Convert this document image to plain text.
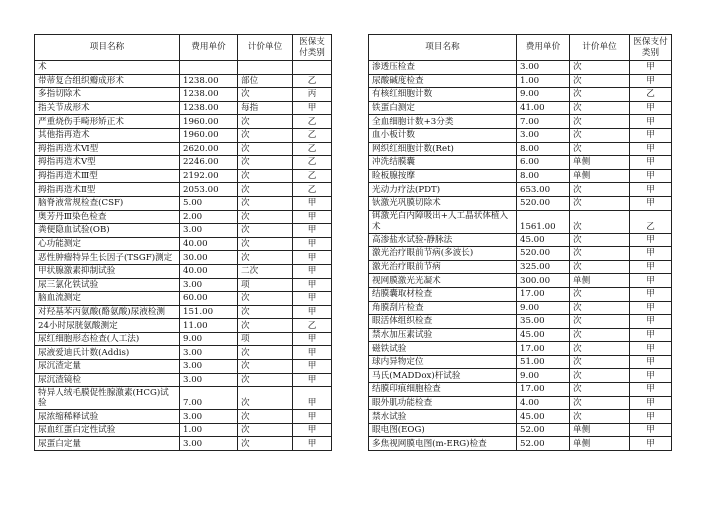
项目名称	费用单价	计价单位	医保支付类别
术			
带蒂复合组织瓣成形术	1238.00	部位	乙
多指切除术	1238.00	次	丙
指关节成形术	1238.00	每指	甲
严重烧伤手畸形矫正术	1960.00	次	乙
其他指再造术	1960.00	次	乙
拇指再造术Ⅵ型	2620.00	次	乙
拇指再造术Ⅴ型	2246.00	次	乙
拇指再造术Ⅲ型	2192.00	次	乙
拇指再造术Ⅱ型	2053.00	次	乙
脑脊液常规检查(CSF)	5.00	次	甲
奥芳丹Ⅲ染色检查	2.00	次	甲
粪便隐血试验(OB)	3.00	次	甲
心功能测定	40.00	次	甲
恶性肿瘤特异生长因子(TSGF)测定	30.00	次	甲
甲状腺激素抑制试验	40.00	二次	甲
尿三氯化铁试验	3.00	项	甲
脑血流测定	60.00	次	甲
对羟基苯丙氨酸(酪氨酸)尿液检测	151.00	次	甲
24小时尿胱氨酸测定	11.00	次	乙
尿红细胞形态检查(人工法)	9.00	项	甲
尿液爱迪氏计数(Addis)	3.00	次	甲
尿沉渣定量	3.00	次	甲
尿沉渣镜检	3.00	次	甲
特异人绒毛膜促性腺激素(HCG)试验	7.00	次	甲
尿浓缩稀释试验	3.00	次	甲
尿血红蛋白定性试验	1.00	次	甲
尿蛋白定量	3.00	次	甲
项目名称	费用单价	计价单位	医保支付类别
渗透压检查	3.00	次	甲
尿酸碱度检查	1.00	次	甲
有核红细胞计数	9.00	次	乙
铁蛋白测定	41.00	次	甲
全血细胞计数+3分类	7.00	次	甲
血小板计数	3.00	次	甲
网织红细胞计数(Ret)	8.00	次	甲
冲洗结膜囊	6.00	单侧	甲
睑板腺按摩	8.00	单侧	甲
光动力疗法(PDT)	653.00	次	甲
钬激光巩膜切除术	520.00	次	甲
铒激光白内障吸出+人工晶状体植入术	1561.00	次	乙
高渗盐水试验-静脉法	45.00	次	甲
激光治疗眼前节病(多波长)	520.00	次	甲
激光治疗眼前节病	325.00	次	甲
视网膜激光光凝术	300.00	单侧	甲
结膜囊取材检查	17.00	次	甲
角膜刮片检查	9.00	次	甲
眼活体组织检查	35.00	次	甲
禁水加压素试验	45.00	次	甲
磁铁试验	17.00	次	甲
球内异物定位	51.00	次	甲
马氏(MADDox)杆试验	9.00	次	甲
结膜印痕细胞检查	17.00	次	甲
眼外肌功能检查	4.00	次	甲
禁水试验	45.00	次	甲
眼电图(EOG)	52.00	单侧	甲
多焦视网膜电图(m-ERG)检查	52.00	单侧	甲
